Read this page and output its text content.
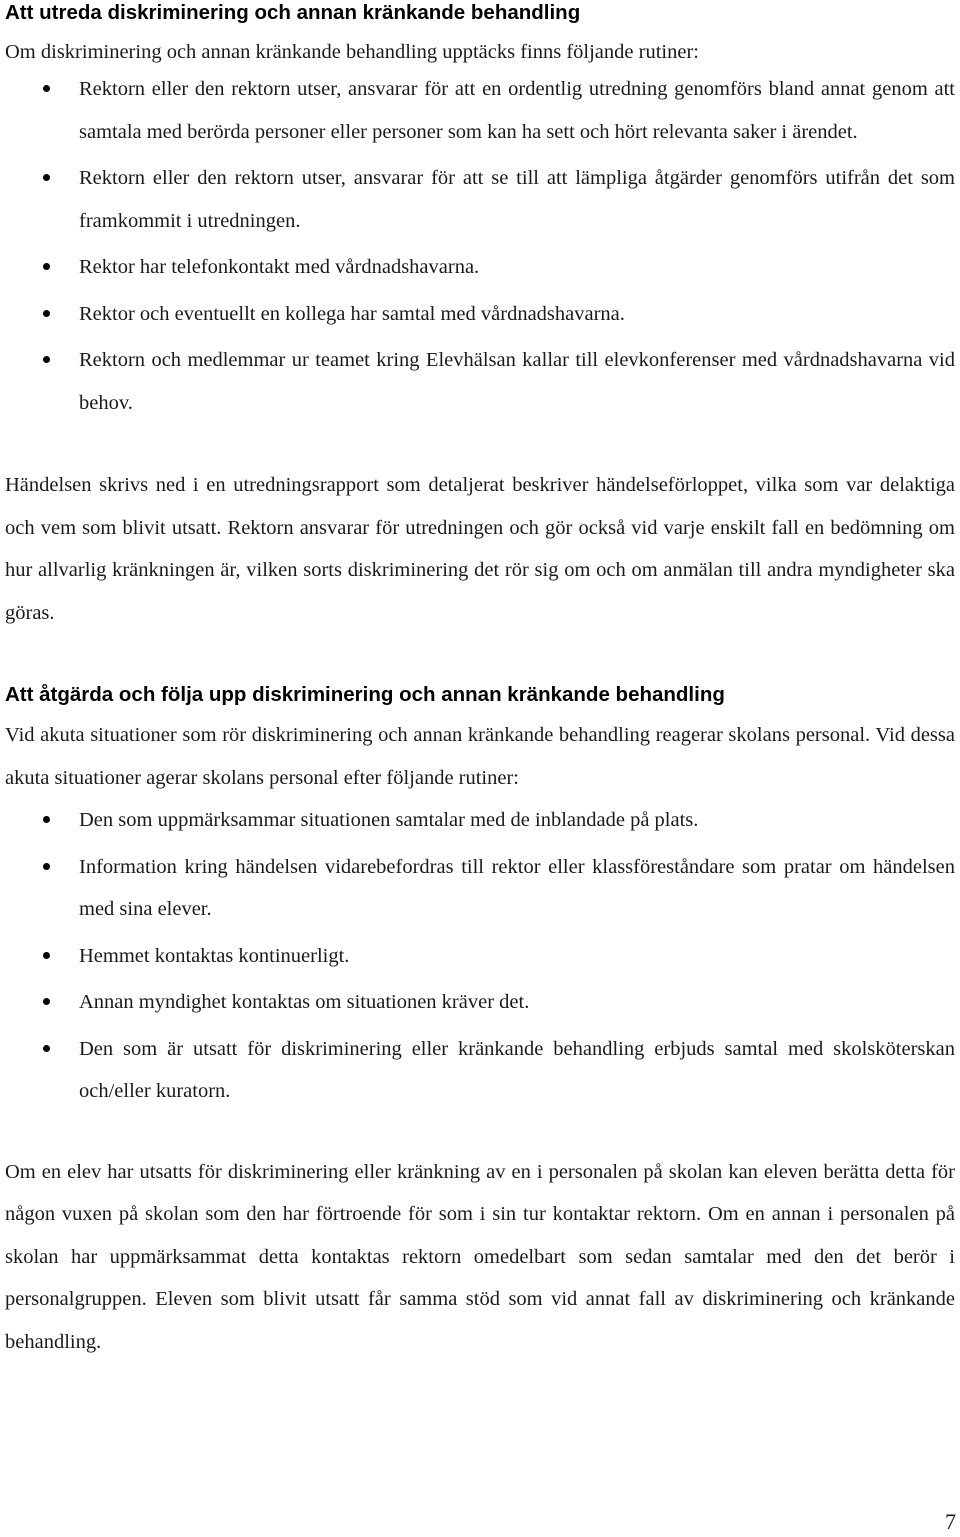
Att utreda diskriminering och annan kränkande behandling

Om diskriminering och annan kränkande behandling upptäcks finns följande rutiner:

Rektorn eller den rektorn utser, ansvarar för att en ordentlig utredning genomförs bland annat genom att samtala med berörda personer eller personer som kan ha sett och hört relevanta saker i ärendet.
Rektorn eller den rektorn utser, ansvarar för att se till att lämpliga åtgärder genomförs utifrån det som framkommit i utredningen.
Rektor har telefonkontakt med vårdnadshavarna.
Rektor och eventuellt en kollega har samtal med vårdnadshavarna.
Rektorn och medlemmar ur teamet kring Elevhälsan kallar till elevkonferenser med vårdnadshavarna vid behov.

Händelsen skrivs ned i en utredningsrapport som detaljerat beskriver händelseförloppet, vilka som var delaktiga och vem som blivit utsatt. Rektorn ansvarar för utredningen och gör också vid varje enskilt fall en bedömning om hur allvarlig kränkningen är, vilken sorts diskriminering det rör sig om och om anmälan till andra myndigheter ska göras.

Att åtgärda och följa upp diskriminering och annan kränkande behandling

Vid akuta situationer som rör diskriminering och annan kränkande behandling reagerar skolans personal. Vid dessa akuta situationer agerar skolans personal efter följande rutiner:

Den som uppmärksammar situationen samtalar med de inblandade på plats.
Information kring händelsen vidarebefordras till rektor eller klassföreståndare som pratar om händelsen med sina elever.
Hemmet kontaktas kontinuerligt.
Annan myndighet kontaktas om situationen kräver det.
Den som är utsatt för diskriminering eller kränkande behandling erbjuds samtal med skolsköterskan och/eller kuratorn.

Om en elev har utsatts för diskriminering eller kränkning av en i personalen på skolan kan eleven berätta detta för någon vuxen på skolan som den har förtroende för som i sin tur kontaktar rektorn. Om en annan i personalen på skolan har uppmärksammat detta kontaktas rektorn omedelbart som sedan samtalar med den det berör i personalgruppen. Eleven som blivit utsatt får samma stöd som vid annat fall av diskriminering och kränkande behandling.

7
